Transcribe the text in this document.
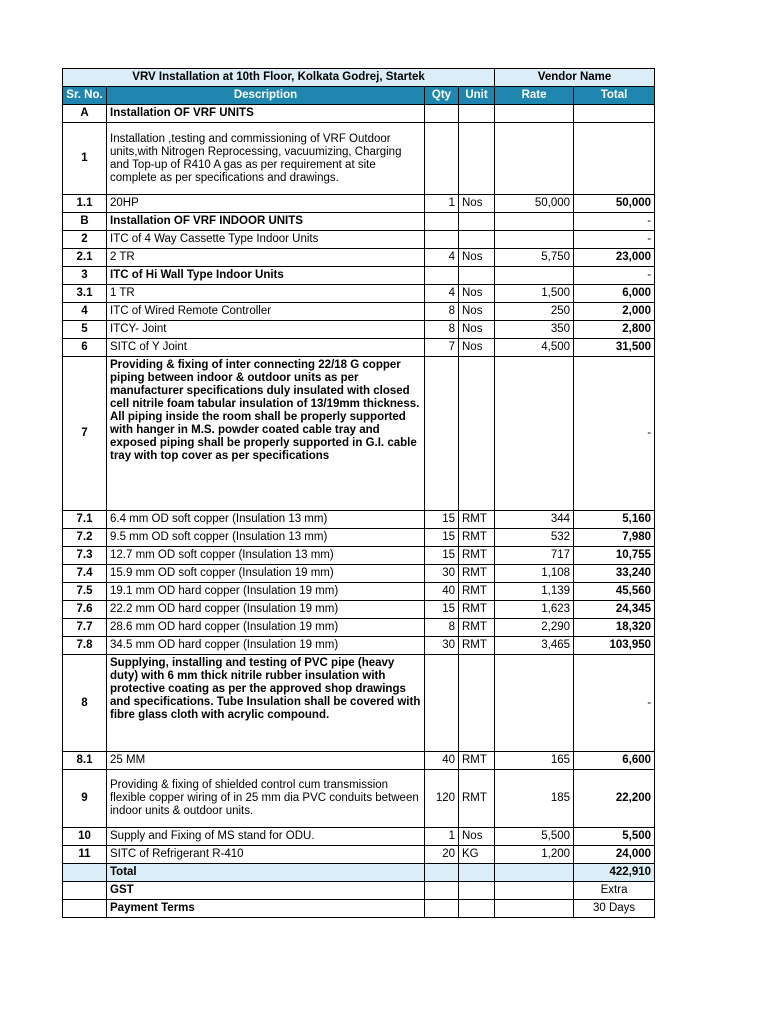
VRV Installation at 10th Floor, Kolkata Godrej, Startek				Vendor Name	
Sr. No.	Description	Qty	Unit	Rate	Total
A	Installation OF VRF UNITS				
1	Installation ,testing and commissioning of VRF Outdoor units,with Nitrogen Reprocessing, vacuumizing, Charging and Top-up of R410 A gas as per requirement at site complete as per specifications and drawings.				
1.1	20HP	1	Nos	50,000	50,000
B	Installation OF VRF INDOOR UNITS				-
2	ITC of 4 Way Cassette Type Indoor Units				-
2.1	2 TR	4	Nos	5,750	23,000
3	ITC of Hi Wall Type Indoor Units				-
3.1	1 TR	4	Nos	1,500	6,000
4	ITC of Wired Remote Controller	8	Nos	250	2,000
5	ITCY- Joint	8	Nos	350	2,800
6	SITC of Y Joint	7	Nos	4,500	31,500
7	Providing & fixing of inter connecting 22/18 G copper piping between indoor & outdoor units as per manufacturer specifications duly insulated with closed cell nitrile foam tabular insulation of 13/19mm thickness. All piping inside the room shall be properly supported with hanger in M.S. powder coated cable tray and exposed piping shall be properly supported in G.I. cable tray with top cover as per specifications				-
7.1	6.4 mm OD soft copper (Insulation 13 mm)	15	RMT	344	5,160
7.2	9.5 mm OD soft copper (Insulation 13 mm)	15	RMT	532	7,980
7.3	12.7 mm OD soft copper (Insulation 13 mm)	15	RMT	717	10,755
7.4	15.9 mm OD soft copper (Insulation 19 mm)	30	RMT	1,108	33,240
7.5	19.1 mm OD hard copper (Insulation 19 mm)	40	RMT	1,139	45,560
7.6	22.2 mm OD hard copper (Insulation 19 mm)	15	RMT	1,623	24,345
7.7	28.6 mm OD hard copper (Insulation 19 mm)	8	RMT	2,290	18,320
7.8	34.5 mm OD hard copper (Insulation 19 mm)	30	RMT	3,465	103,950
8	Supplying, installing and testing of PVC pipe (heavy duty) with 6 mm thick nitrile rubber insulation with protective coating as per the approved shop drawings and specifications. Tube Insulation shall be covered with fibre glass cloth with acrylic compound.				-
8.1	25 MM	40	RMT	165	6,600
9	Providing & fixing of shielded control cum transmission flexible copper wiring of in 25 mm dia PVC conduits between indoor units & outdoor units.	120	RMT	185	22,200
10	Supply and Fixing of MS stand for ODU.	1	Nos	5,500	5,500
11	SITC of Refrigerant R-410	20	KG	1,200	24,000
	Total				422,910
	GST				Extra
	Payment Terms				30 Days
